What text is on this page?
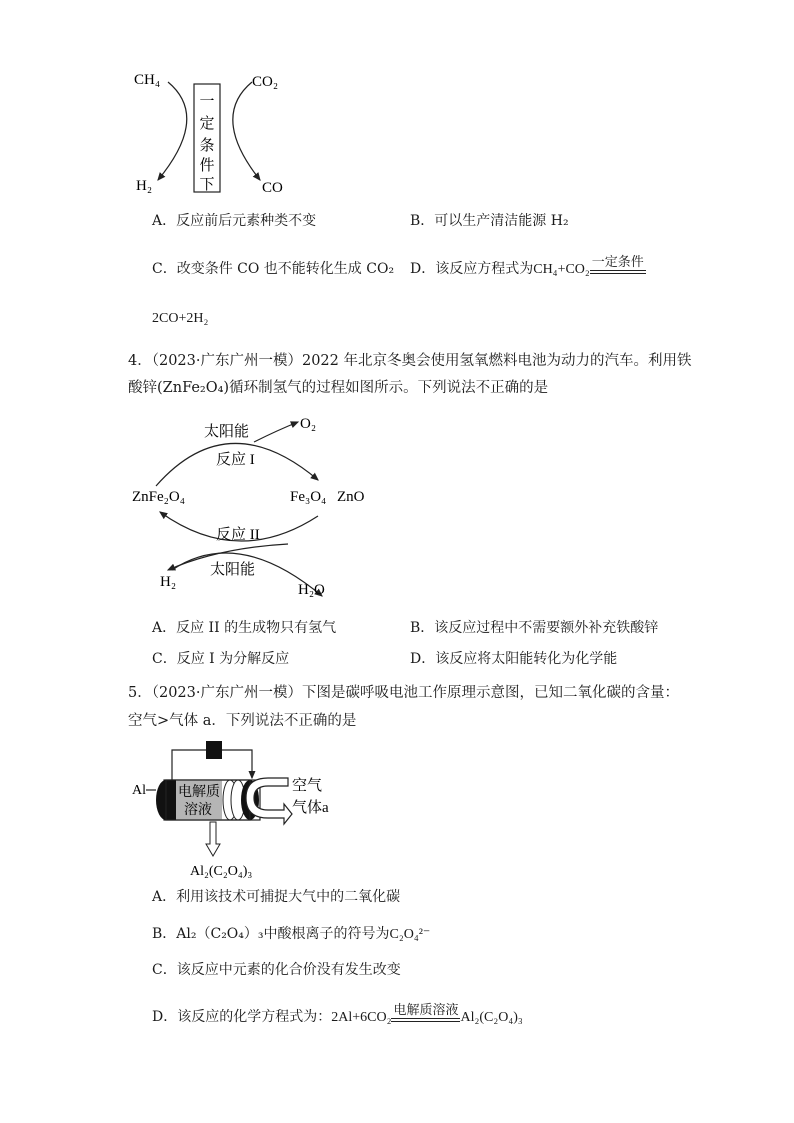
CH₄
H₂
CO₂
CO
一
定
条
件
下
A．反应前后元素种类不变	B．可以生产清洁能源 H₂
C．改变条件 CO 也不能转化生成 CO₂ D．该反应方程式为CH₄+CO₂ 一定条件
2CO+2H₂
4．（2023·广东广州一模）2022 年北京冬奥会使用氢氧燃料电池为动力的汽车。利用铁
酸锌(ZnFe₂O₄)循环制氢气的过程如图所示。下列说法不正确的是
太阳能	O₂
反应 I
ZnFe₂O₄	Fe₃O₄ ZnO
反应 II
太阳能
H₂	H₂O
A．反应 II 的生成物只有氢气	B．该反应过程中不需要额外补充铁酸锌
C．反应 I 为分解反应	D．该反应将太阳能转化为化学能
5．（2023·广东广州一模）下图是碳呼吸电池工作原理示意图，已知二氧化碳的含量：
空气>气体 a．下列说法不正确的是
Al 电解质
溶液
空气
气体a
Al₂(C₂O₄)₃
A．利用该技术可捕捉大气中的二氧化碳
B．Al₂（C₂O₄）₃中酸根离子的符号为C₂O₄²⁻
C．该反应中元素的化合价没有发生改变
D．该反应的化学方程式为：2Al+6CO₂ 电解质溶液 Al₂(C₂O₄)₃
